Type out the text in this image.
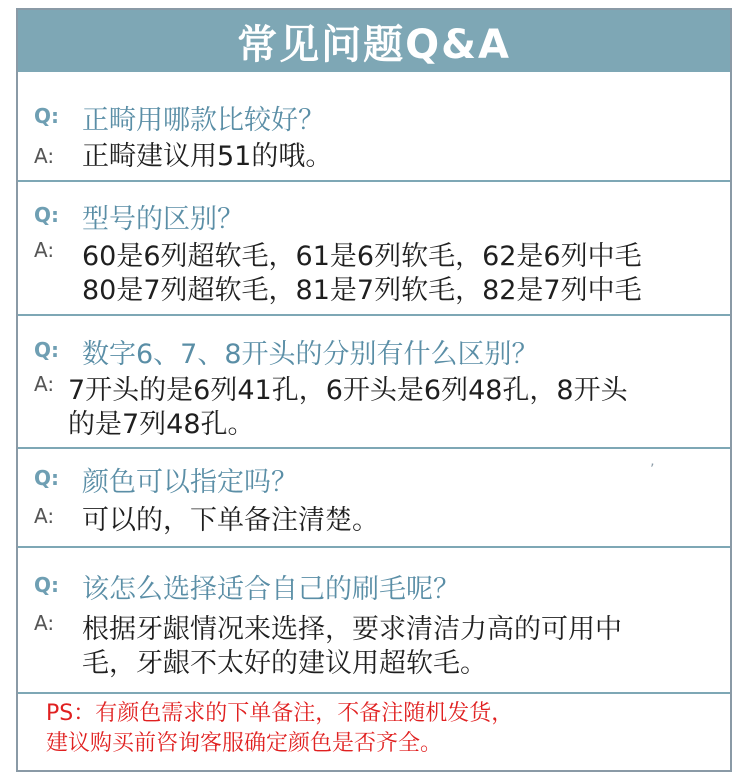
常见问题Q&A
Q: 正畸用哪款比较好？
A: 正畸建议用51的哦。
Q: 型号的区别？
A: 60是6列超软毛，61是6列软毛，62是6列中毛
80是7列超软毛，81是7列软毛，82是7列中毛
Q: 数字6、7、8开头的分别有什么区别？
A: 7开头的是6列41孔，6开头是6列48孔，8开头
的是7列48孔。
’
Q: 颜色可以指定吗？
A: 可以的，下单备注清楚。
Q: 该怎么选择适合自己的刷毛呢？
A: 根据牙龈情况来选择，要求清洁力高的可用中
毛，牙龈不太好的建议用超软毛。
PS：有颜色需求的下单备注，不备注随机发货，
建议购买前咨询客服确定颜色是否齐全。
